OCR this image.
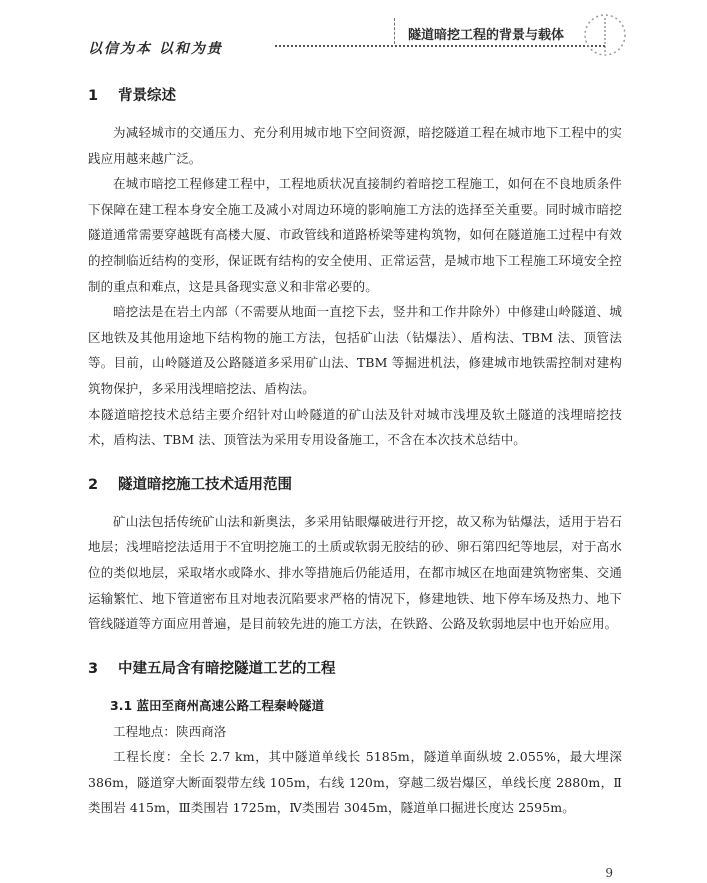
以信为本 以和为贵
隧道暗挖工程的背景与载体
1 背景综述

为减轻城市的交通压力、充分利用城市地下空间资源，暗挖隧道工程在城市地下工程中的实践应用越来越广泛。

在城市暗挖工程修建工程中，工程地质状况直接制约着暗挖工程施工，如何在不良地质条件下保障在建工程本身安全施工及减小对周边环境的影响施工方法的选择至关重要。同时城市暗挖隧道通常需要穿越既有高楼大厦、市政管线和道路桥梁等建构筑物，如何在隧道施工过程中有效的控制临近结构的变形，保证既有结构的安全使用、正常运营，是城市地下工程施工环境安全控制的重点和难点，这是具备现实意义和非常必要的。

暗挖法是在岩土内部（不需要从地面一直挖下去，竖井和工作井除外）中修建山岭隧道、城区地铁及其他用途地下结构物的施工方法，包括矿山法（钻爆法）、盾构法、TBM 法、顶管法等。目前，山岭隧道及公路隧道多采用矿山法、TBM 等掘进机法，修建城市地铁需控制对建构筑物保护，多采用浅埋暗挖法、盾构法。

本隧道暗挖技术总结主要介绍针对山岭隧道的矿山法及针对城市浅埋及软土隧道的浅埋暗挖技术，盾构法、TBM 法、顶管法为采用专用设备施工，不含在本次技术总结中。

2 隧道暗挖施工技术适用范围

矿山法包括传统矿山法和新奥法，多采用钻眼爆破进行开挖，故又称为钻爆法，适用于岩石地层；浅埋暗挖法适用于不宜明挖施工的土质或软弱无胶结的砂、卵石第四纪等地层，对于高水位的类似地层，采取堵水或降水、排水等措施后仍能适用，在都市城区在地面建筑物密集、交通运输繁忙、地下管道密布且对地表沉陷要求严格的情况下，修建地铁、地下停车场及热力、地下管线隧道等方面应用普遍，是目前较先进的施工方法，在铁路、公路及软弱地层中也开始应用。

3 中建五局含有暗挖隧道工艺的工程
3.1 蓝田至商州高速公路工程秦岭隧道

工程地点：陕西商洛

工程长度：全长 2.7 km，其中隧道单线长 5185m，隧道单面纵坡 2.055%，最大埋深 386m，隧道穿大断面裂带左线 105m，右线 120m，穿越二级岩爆区，单线长度 2880m，Ⅱ类围岩 415m，Ⅲ类围岩 1725m，Ⅳ类围岩 3045m，隧道单口掘进长度达 2595m。

9
